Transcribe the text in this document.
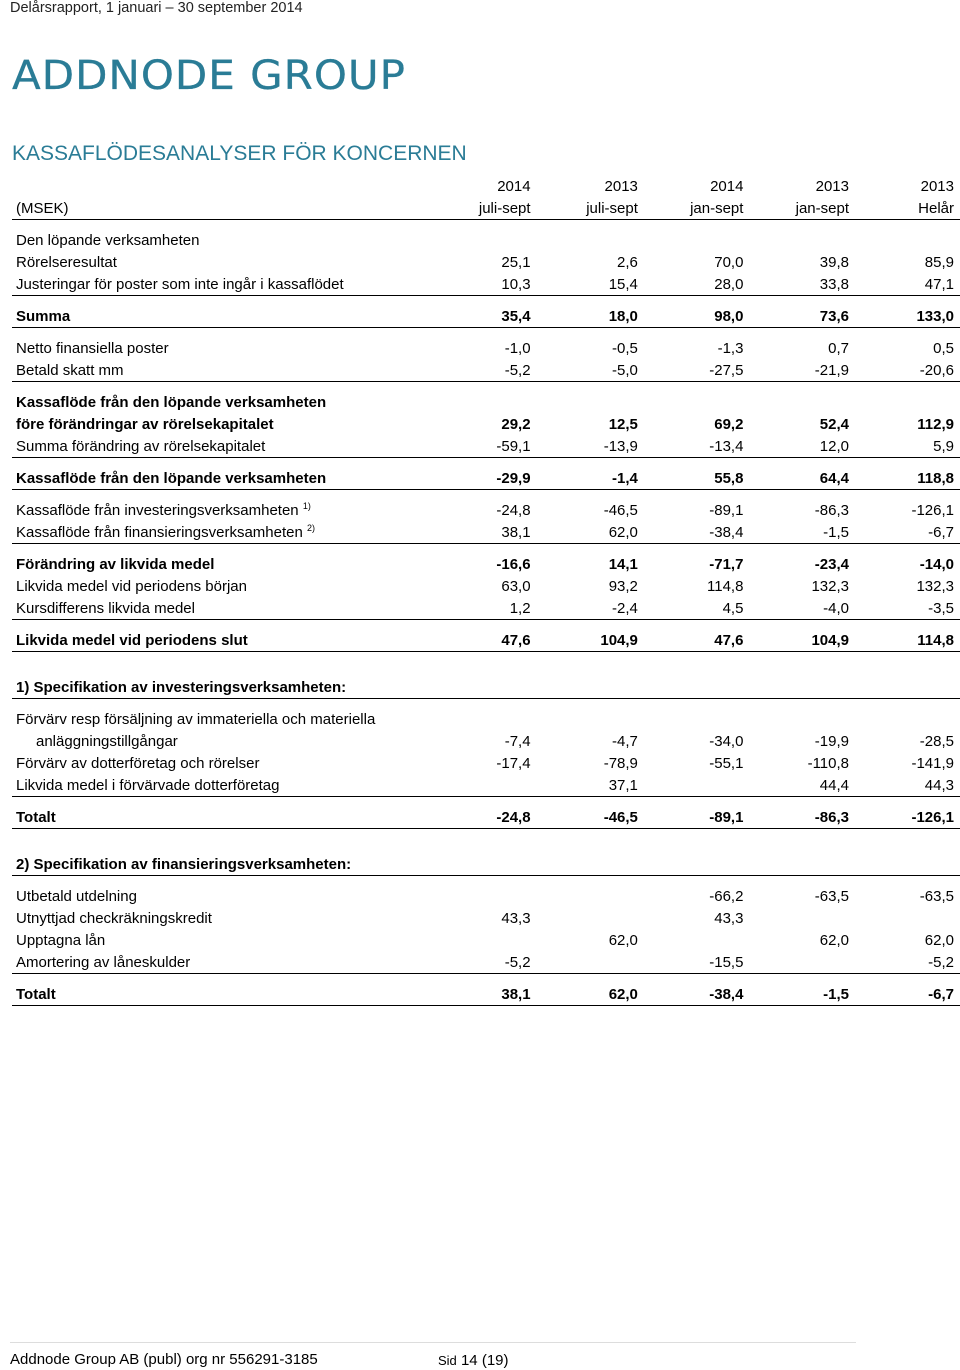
Delårsrapport, 1 januari – 30 september 2014
ADDNODE GROUP
KASSAFLÖDESANALYSER FÖR KONCERNEN
	2014	2013	2014	2013	2013
(MSEK)	juli-sept	juli-sept	jan-sept	jan-sept	Helår

Den löpande verksamheten					
Rörelseresultat	25,1	2,6	70,0	39,8	85,9
Justeringar för poster som inte ingår i kassaflödet	10,3	15,4	28,0	33,8	47,1

Summa	35,4	18,0	98,0	73,6	133,0

Netto finansiella poster	-1,0	-0,5	-1,3	0,7	0,5
Betald skatt mm	-5,2	-5,0	-27,5	-21,9	-20,6

Kassaflöde från den löpande verksamheten					
före förändringar av rörelsekapitalet	29,2	12,5	69,2	52,4	112,9
Summa förändring av rörelsekapitalet	-59,1	-13,9	-13,4	12,0	5,9

Kassaflöde från den löpande verksamheten	-29,9	-1,4	55,8	64,4	118,8

Kassaflöde från investeringsverksamheten $^{1)}$	-24,8	-46,5	-89,1	-86,3	-126,1
Kassaflöde från finansieringsverksamheten $^{2)}$	38,1	62,0	-38,4	-1,5	-6,7

Förändring av likvida medel	-16,6	14,1	-71,7	-23,4	-14,0
Likvida medel vid periodens början	63,0	93,2	114,8	132,3	132,3
Kursdifferens likvida medel	1,2	-2,4	4,5	-4,0	-3,5

Likvida medel vid periodens slut	47,6	104,9	47,6	104,9	114,8

1) Specifikation av investeringsverksamheten:					

Förvärv resp försäljning av immateriella och materiella					
anläggningstillgångar	-7,4	-4,7	-34,0	-19,9	-28,5
Förvärv av dotterföretag och rörelser	-17,4	-78,9	-55,1	-110,8	-141,9
Likvida medel i förvärvade dotterföretag		37,1		44,4	44,3

Totalt	-24,8	-46,5	-89,1	-86,3	-126,1

2) Specifikation av finansieringsverksamheten:					

Utbetald utdelning			-66,2	-63,5	-63,5
Utnyttjad checkräkningskredit	43,3		43,3		
Upptagna lån		62,0		62,0	62,0
Amortering av låneskulder	-5,2		-15,5		-5,2

Totalt	38,1	62,0	-38,4	-1,5	-6,7
Addnode Group AB (publ) org nr 556291-3185	Sid 14 (19)
